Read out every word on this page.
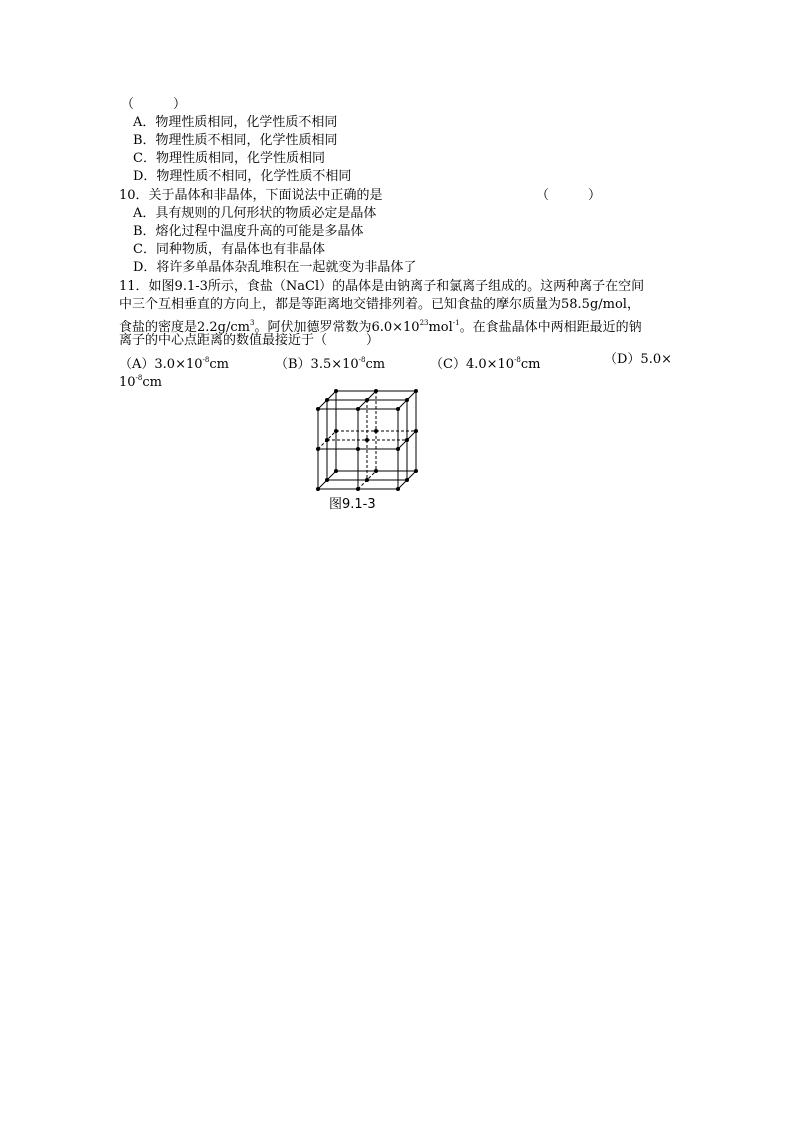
（　　　）
A．物理性质相同，化学性质不相同
B．物理性质不相同，化学性质相同
C．物理性质相同，化学性质相同
D．物理性质不相同，化学性质不相同
10．关于晶体和非晶体，下面说法中正确的是	（　　　）
A．具有规则的几何形状的物质必定是晶体
B．熔化过程中温度升高的可能是多晶体
C．同种物质，有晶体也有非晶体
D．将许多单晶体杂乱堆积在一起就变为非晶体了
11．如图9.1-3所示，食盐（NaCl）的晶体是由钠离子和氯离子组成的。这两种离子在空间
中三个互相垂直的方向上，都是等距离地交错排列着。已知食盐的摩尔质量为58.5g/mol，
食盐的密度是$2.2g/cm^3$。阿伏加德罗常数为$6.0\times 10^{23}mol^{-1}$。在食盐晶体中两相距最近的钠
离子的中心点距离的数值最接近于（　　　）
$(A)3.0\times 10^{-8}cm$	$(B)3.5\times 10^{-8}cm$	$(C)4.0\times 10^{-8}cm$	（D）5.0×
$10^{-8}cm$
图9.1-3
